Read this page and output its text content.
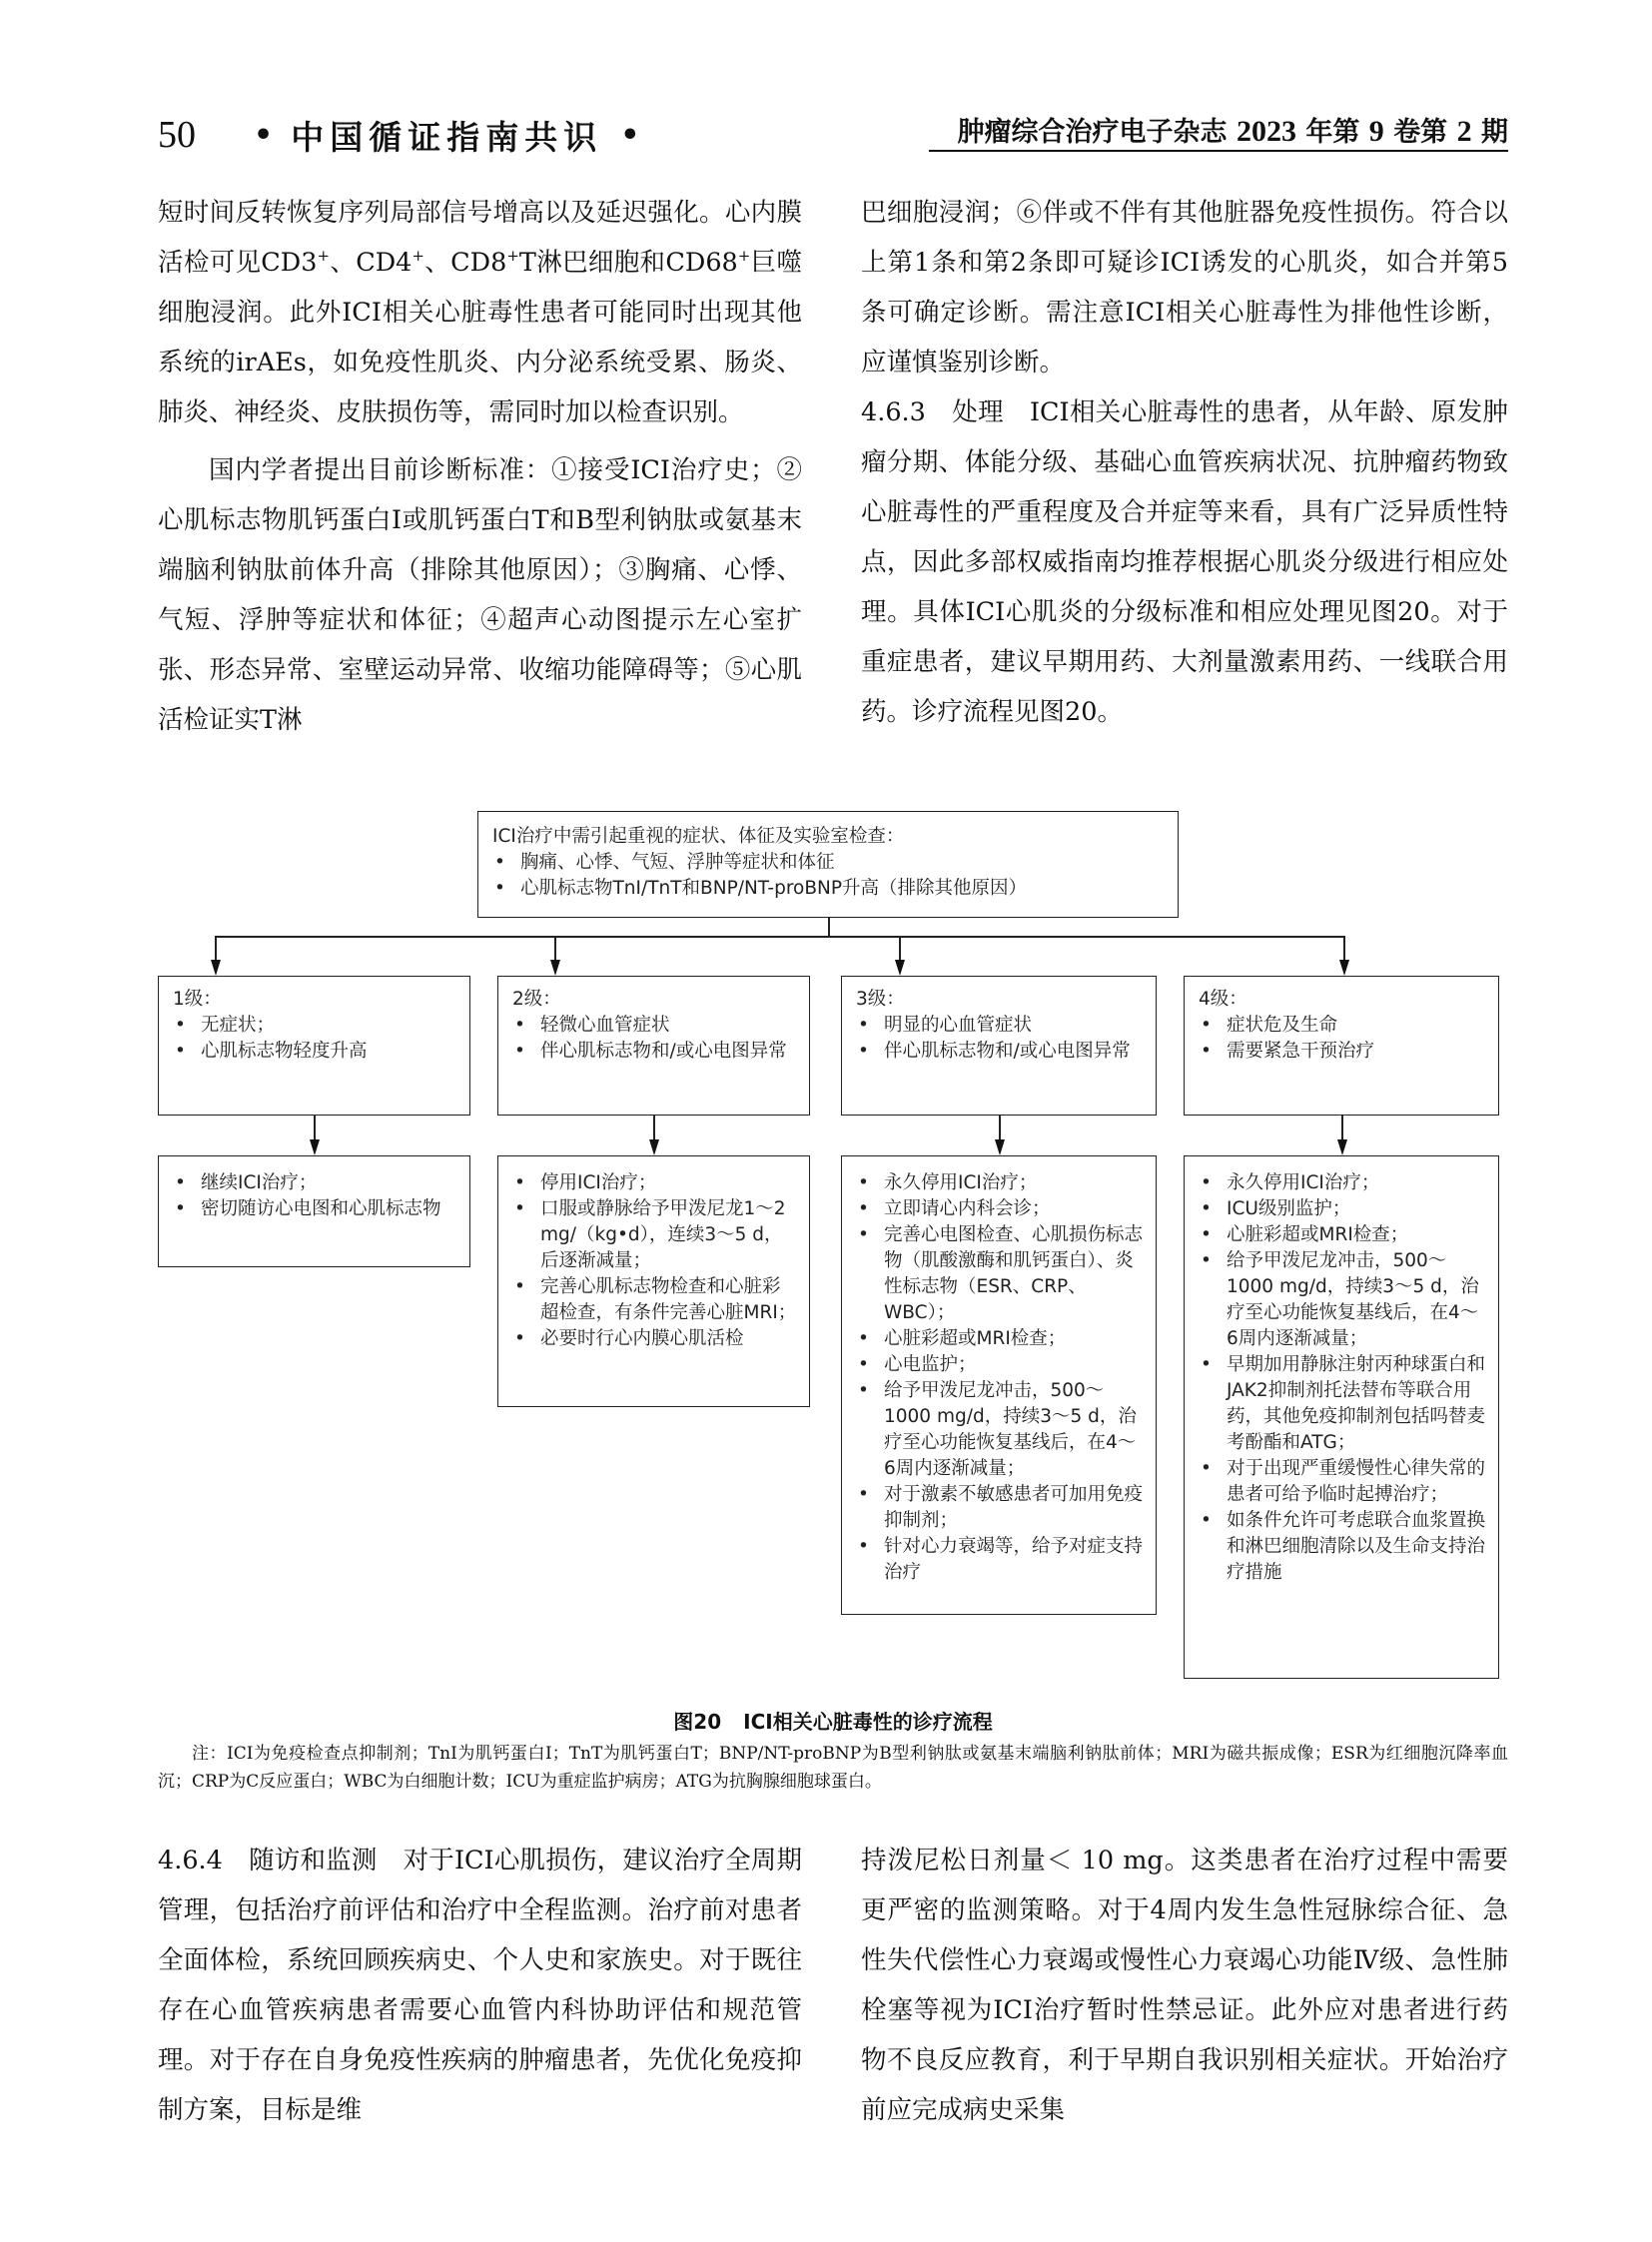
50 • 中国循证指南共识 •	肿瘤综合治疗电子杂志 2023 年第 9 卷第 2 期

短时间反转恢复序列局部信号增高以及延迟强化。心内膜活检可见CD3+、CD4+、CD8+T淋巴细胞和CD68+巨噬细胞浸润。此外ICI相关心脏毒性患者可能同时出现其他系统的irAEs，如免疫性肌炎、内分泌系统受累、肠炎、肺炎、神经炎、皮肤损伤等，需同时加以检查识别。

国内学者提出目前诊断标准：①接受ICI治疗史；②心肌标志物肌钙蛋白Ⅰ或肌钙蛋白T和B型利钠肽或氨基末端脑利钠肽前体升高（排除其他原因）；③胸痛、心悸、气短、浮肿等症状和体征；④超声心动图提示左心室扩张、形态异常、室壁运动异常、收缩功能障碍等；⑤心肌活检证实T淋

巴细胞浸润；⑥伴或不伴有其他脏器免疫性损伤。符合以上第1条和第2条即可疑诊ICI诱发的心肌炎，如合并第5条可确定诊断。需注意ICI相关心脏毒性为排他性诊断，应谨慎鉴别诊断。

4.6.3 处理 ICI相关心脏毒性的患者，从年龄、原发肿瘤分期、体能分级、基础心血管疾病状况、抗肿瘤药物致心脏毒性的严重程度及合并症等来看，具有广泛异质性特点，因此多部权威指南均推荐根据心肌炎分级进行相应处理。具体ICI心肌炎的分级标准和相应处理见图20。对于重症患者，建议早期用药、大剂量激素用药、一线联合用药。诊疗流程见图20。

ICI治疗中需引起重视的症状、体征及实验室检查：
• 胸痛、心悸、气短、浮肿等症状和体征
• 心肌标志物TnI/TnT和BNP/NT-proBNP升高（排除其他原因）
1级：
• 无症状；
• 心肌标志物轻度升高
2级：
• 轻微心血管症状
• 伴心肌标志物和/或心电图异常
3级：
• 明显的心血管症状
• 伴心肌标志物和/或心电图异常
4级：
• 症状危及生命
• 需要紧急干预治疗
• 继续ICI治疗；
• 密切随访心电图和心肌标志物
• 停用ICI治疗；
• 口服或静脉给予甲泼尼龙1～2 mg/（kg•d），连续3～5 d，后逐渐减量；
• 完善心肌标志物检查和心脏彩超检查，有条件完善心脏MRI；
• 必要时行心内膜心肌活检
• 永久停用ICI治疗；
• 立即请心内科会诊；
• 完善心电图检查、心肌损伤标志物（肌酸激酶和肌钙蛋白）、炎性标志物（ESR、CRP、WBC）；
• 心脏彩超或MRI检查；
• 心电监护；
• 给予甲泼尼龙冲击，500～1000 mg/d，持续3～5 d，治疗至心功能恢复基线后，在4～6周内逐渐减量；
• 对于激素不敏感患者可加用免疫抑制剂；
• 针对心力衰竭等，给予对症支持治疗
• 永久停用ICI治疗；
• ICU级别监护；
• 心脏彩超或MRI检查；
• 给予甲泼尼龙冲击，500～1000 mg/d，持续3～5 d，治疗至心功能恢复基线后，在4～6周内逐渐减量；
• 早期加用静脉注射丙种球蛋白和JAK2抑制剂托法替布等联合用药，其他免疫抑制剂包括吗替麦考酚酯和ATG；
• 对于出现严重缓慢性心律失常的患者可给予临时起搏治疗；
• 如条件允许可考虑联合血浆置换和淋巴细胞清除以及生命支持治疗措施
图20 ICI相关心脏毒性的诊疗流程
注：ICI为免疫检查点抑制剂；TnI为肌钙蛋白I；TnT为肌钙蛋白T；BNP/NT-proBNP为B型利钠肽或氨基末端脑利钠肽前体；MRI为磁共振成像；ESR为红细胞沉降率血沉；CRP为C反应蛋白；WBC为白细胞计数；ICU为重症监护病房；ATG为抗胸腺细胞球蛋白。

4.6.4 随访和监测 对于ICI心肌损伤，建议治疗全周期管理，包括治疗前评估和治疗中全程监测。治疗前对患者全面体检，系统回顾疾病史、个人史和家族史。对于既往存在心血管疾病患者需要心血管内科协助评估和规范管理。对于存在自身免疫性疾病的肿瘤患者，先优化免疫抑制方案，目标是维

持泼尼松日剂量＜ 10 mg。这类患者在治疗过程中需要更严密的监测策略。对于4周内发生急性冠脉综合征、急性失代偿性心力衰竭或慢性心力衰竭心功能Ⅳ级、急性肺栓塞等视为ICI治疗暂时性禁忌证。此外应对患者进行药物不良反应教育，利于早期自我识别相关症状。开始治疗前应完成病史采集
